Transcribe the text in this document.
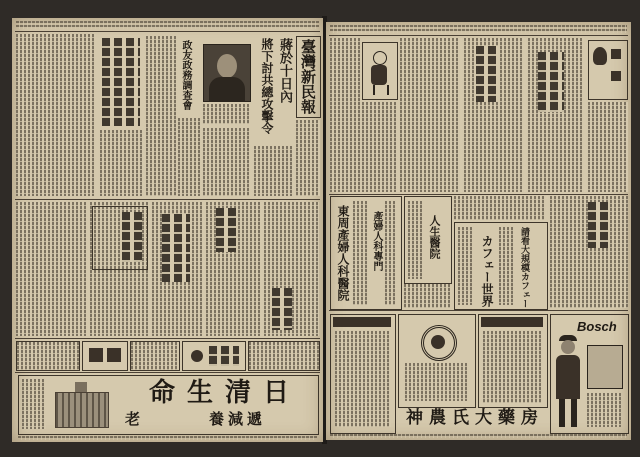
政友政務調查會	將下討共總攻擊令 蔣於十日內 臺灣新民報
命生清日
老	養減遞
東周產婦人科醫院 產婦人科專門	人生醫院	カフェー世界	請看大規模カフェー
神農氏大藥房
Bosch
